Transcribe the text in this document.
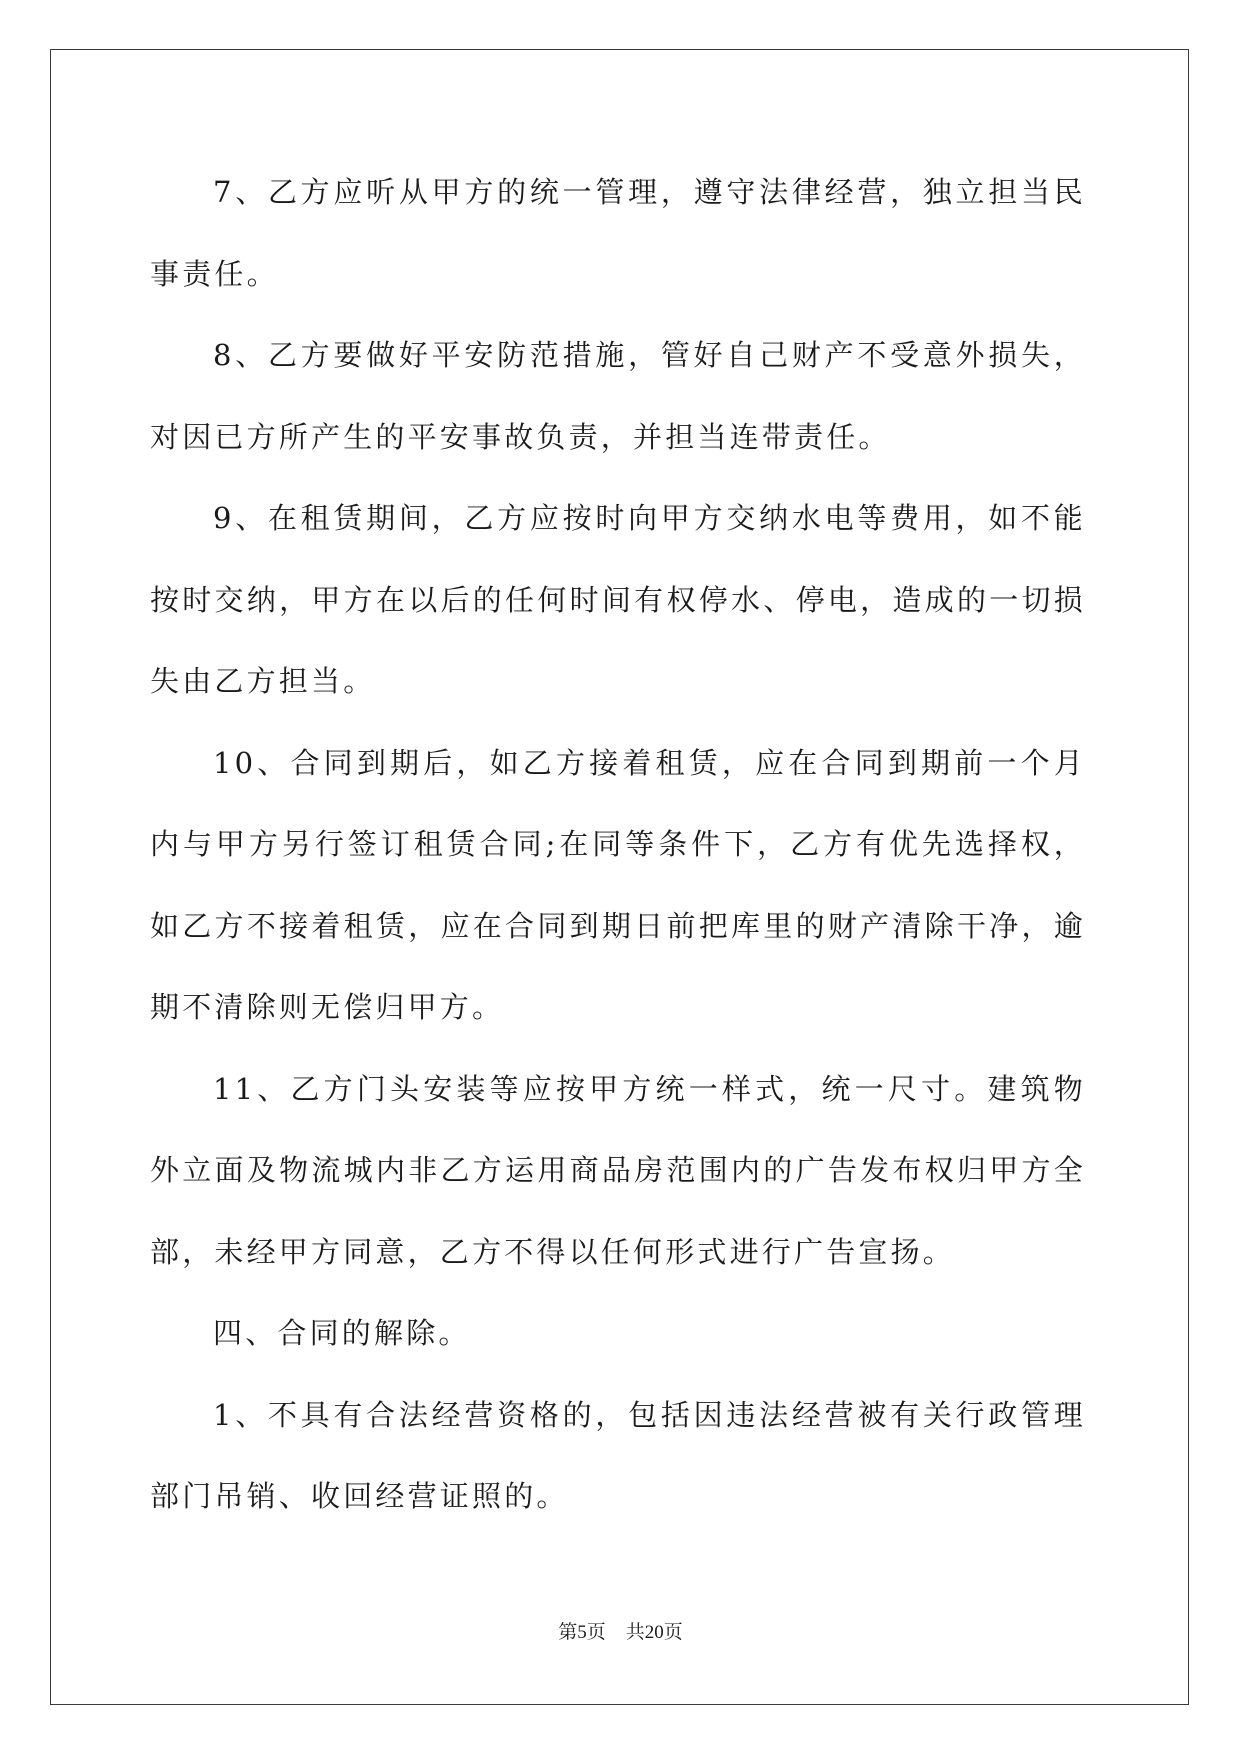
7、乙方应听从甲方的统一管理，遵守法律经营，独立担当民事责任。

8、乙方要做好平安防范措施，管好自己财产不受意外损失，对因已方所产生的平安事故负责，并担当连带责任。

9、在租赁期间，乙方应按时向甲方交纳水电等费用，如不能按时交纳，甲方在以后的任何时间有权停水、停电，造成的一切损失由乙方担当。

10、合同到期后，如乙方接着租赁，应在合同到期前一个月内与甲方另行签订租赁合同;在同等条件下，乙方有优先选择权，如乙方不接着租赁，应在合同到期日前把库里的财产清除干净，逾期不清除则无偿归甲方。

11、乙方门头安装等应按甲方统一样式，统一尺寸。建筑物外立面及物流城内非乙方运用商品房范围内的广告发布权归甲方全部，未经甲方同意，乙方不得以任何形式进行广告宣扬。

四、合同的解除。

1、不具有合法经营资格的，包括因违法经营被有关行政管理部门吊销、收回经营证照的。

第5页 共20页
